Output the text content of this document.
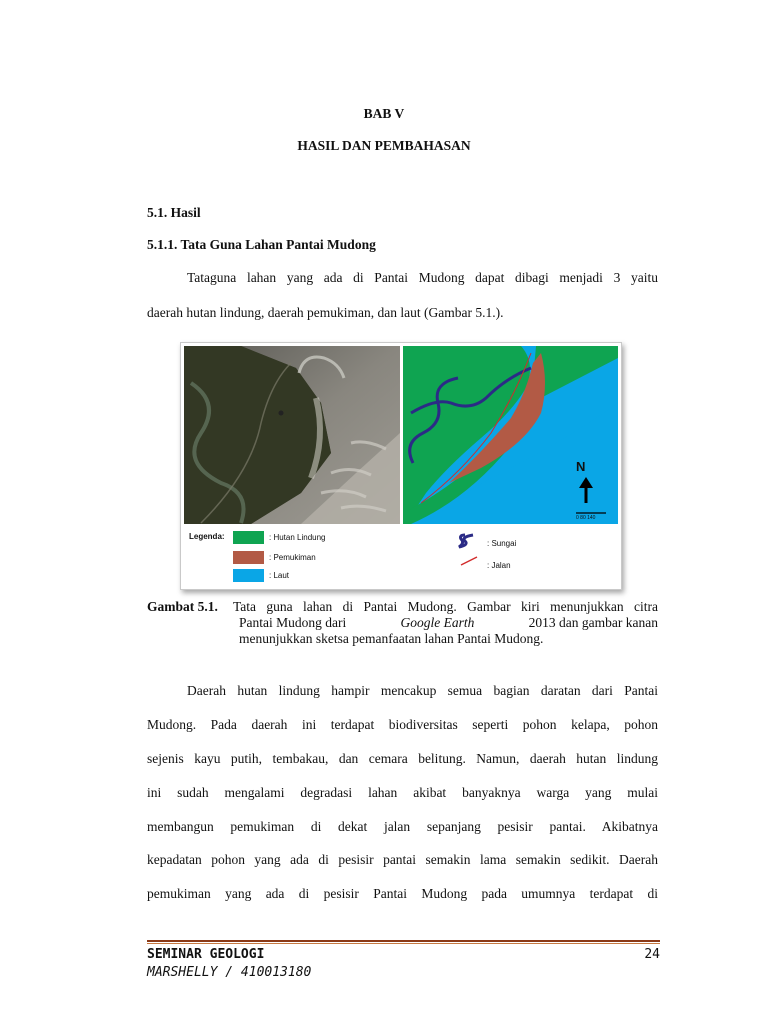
BAB V
HASIL DAN PEMBAHASAN
5.1. Hasil
5.1.1. Tata Guna Lahan Pantai Mudong
Tataguna lahan yang ada di Pantai Mudong dapat dibagi menjadi 3 yaitu
daerah hutan lindung, daerah pemukiman, dan laut (Gambar 5.1.).
N
0 80 140
Legenda:	: Hutan Lindung
: Pemukiman
: Laut
: Sungai
: Jalan
Gambat 5.1. Tata guna lahan di Pantai Mudong. Gambar kiri menunjukkan citra
Pantai Mudong dari	Google Earth	2013 dan gambar kanan
menunjukkan sketsa pemanfaatan lahan Pantai Mudong.
Daerah hutan lindung hampir mencakup semua bagian daratan dari Pantai
Mudong. Pada daerah ini terdapat biodiversitas seperti pohon kelapa, pohon
sejenis kayu putih, tembakau, dan cemara belitung. Namun, daerah hutan lindung
ini sudah mengalami degradasi lahan akibat banyaknya warga yang mulai
membangun pemukiman di dekat jalan sepanjang pesisir pantai. Akibatnya
kepadatan pohon yang ada di pesisir pantai semakin lama semakin sedikit. Daerah
pemukiman yang ada di pesisir Pantai Mudong pada umumnya terdapat di
SEMINAR GEOLOGI
MARSHELLY / 410013180
24
